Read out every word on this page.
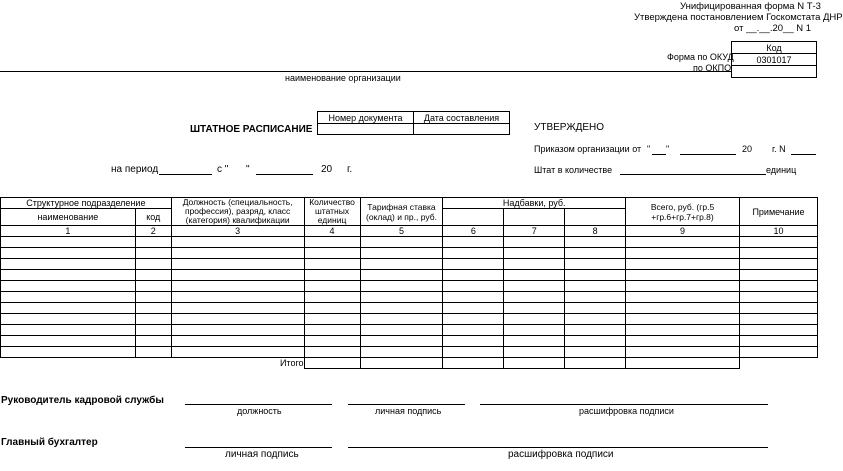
Унифицированная форма N Т-3
Утверждена постановлением Госкомстата ДНР
от __.__.20__ N 1
Код
0301017

Форма по ОКУД
по ОКПО
наименование организации
ШТАТНОЕ РАСПИСАНИЕ
Номер документа	Дата составления

УТВЕРЖДЕНО
Приказом организации от " "	20 г. N
Штат в количестве	единиц
на период	с " "	20 г.
Структурное подразделение		Должность (специальность, профессия), разряд, класс (категория) квалификации	Количество штатных единиц	Тарифная ставка (оклад) и пр., руб.	Надбавки, руб.			Всего, руб. (гр.5 +гр.6+гр.7+гр.8)	Примечание
наименование	код								
1	2	3	4	5	6	7	8	9	10

Итого									
Руководитель кадровой службы
должность	личная подпись	расшифровка подписи
Главный бухгалтер
личная подпись	расшифровка подписи
